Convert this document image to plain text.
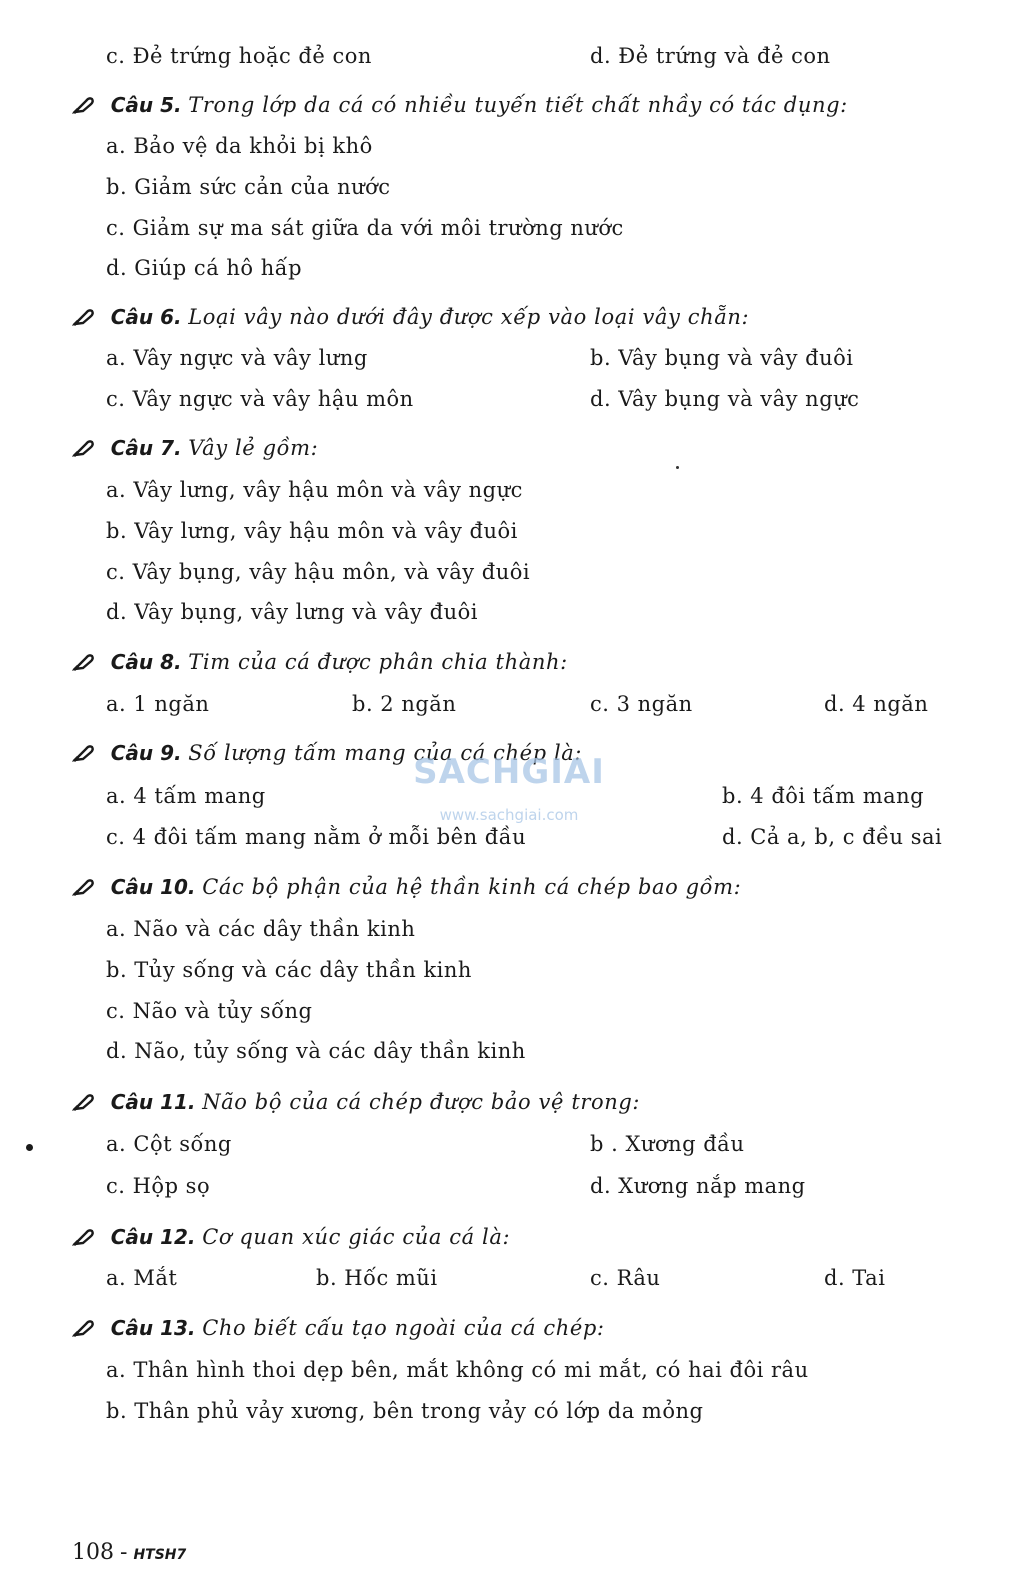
c. Đẻ trứng hoặc đẻ con	d. Đẻ trứng và đẻ con
Câu 5. Trong lớp da cá có nhiều tuyến tiết chất nhầy có tác dụng:
a. Bảo vệ da khỏi bị khô
b. Giảm sức cản của nước
c. Giảm sự ma sát giữa da với môi trường nước
d. Giúp cá hô hấp
Câu 6. Loại vây nào dưới đây được xếp vào loại vây chẵn:
a. Vây ngực và vây lưng	b. Vây bụng và vây đuôi
c. Vây ngực và vây hậu môn	d. Vây bụng và vây ngực
Câu 7. Vây lẻ gồm:
a. Vây lưng, vây hậu môn và vây ngực
b. Vây lưng, vây hậu môn và vây đuôi
c. Vây bụng, vây hậu môn, và vây đuôi
d. Vây bụng, vây lưng và vây đuôi
Câu 8. Tim của cá được phân chia thành:
a. 1 ngăn	b. 2 ngăn	c. 3 ngăn	d. 4 ngăn
Câu 9. Số lượng tấm mang của cá chép là:
a. 4 tấm mang	b. 4 đôi tấm mang
c. 4 đôi tấm mang nằm ở mỗi bên đầu	d. Cả a, b, c đều sai
SACHGIAI
www.sachgiai.com
Câu 10. Các bộ phận của hệ thần kinh cá chép bao gồm:
a. Não và các dây thần kinh
b. Tủy sống và các dây thần kinh
c. Não và tủy sống
d. Não, tủy sống và các dây thần kinh
Câu 11. Não bộ của cá chép được bảo vệ trong:
a. Cột sống	b . Xương đầu
c. Hộp sọ	d. Xương nắp mang
Câu 12. Cơ quan xúc giác của cá là:
a. Mắt	b. Hốc mũi	c. Râu	d. Tai
Câu 13. Cho biết cấu tạo ngoài của cá chép:
a. Thân hình thoi dẹp bên, mắt không có mi mắt, có hai đôi râu
b. Thân phủ vảy xương, bên trong vảy có lớp da mỏng
108 - HTSH7
